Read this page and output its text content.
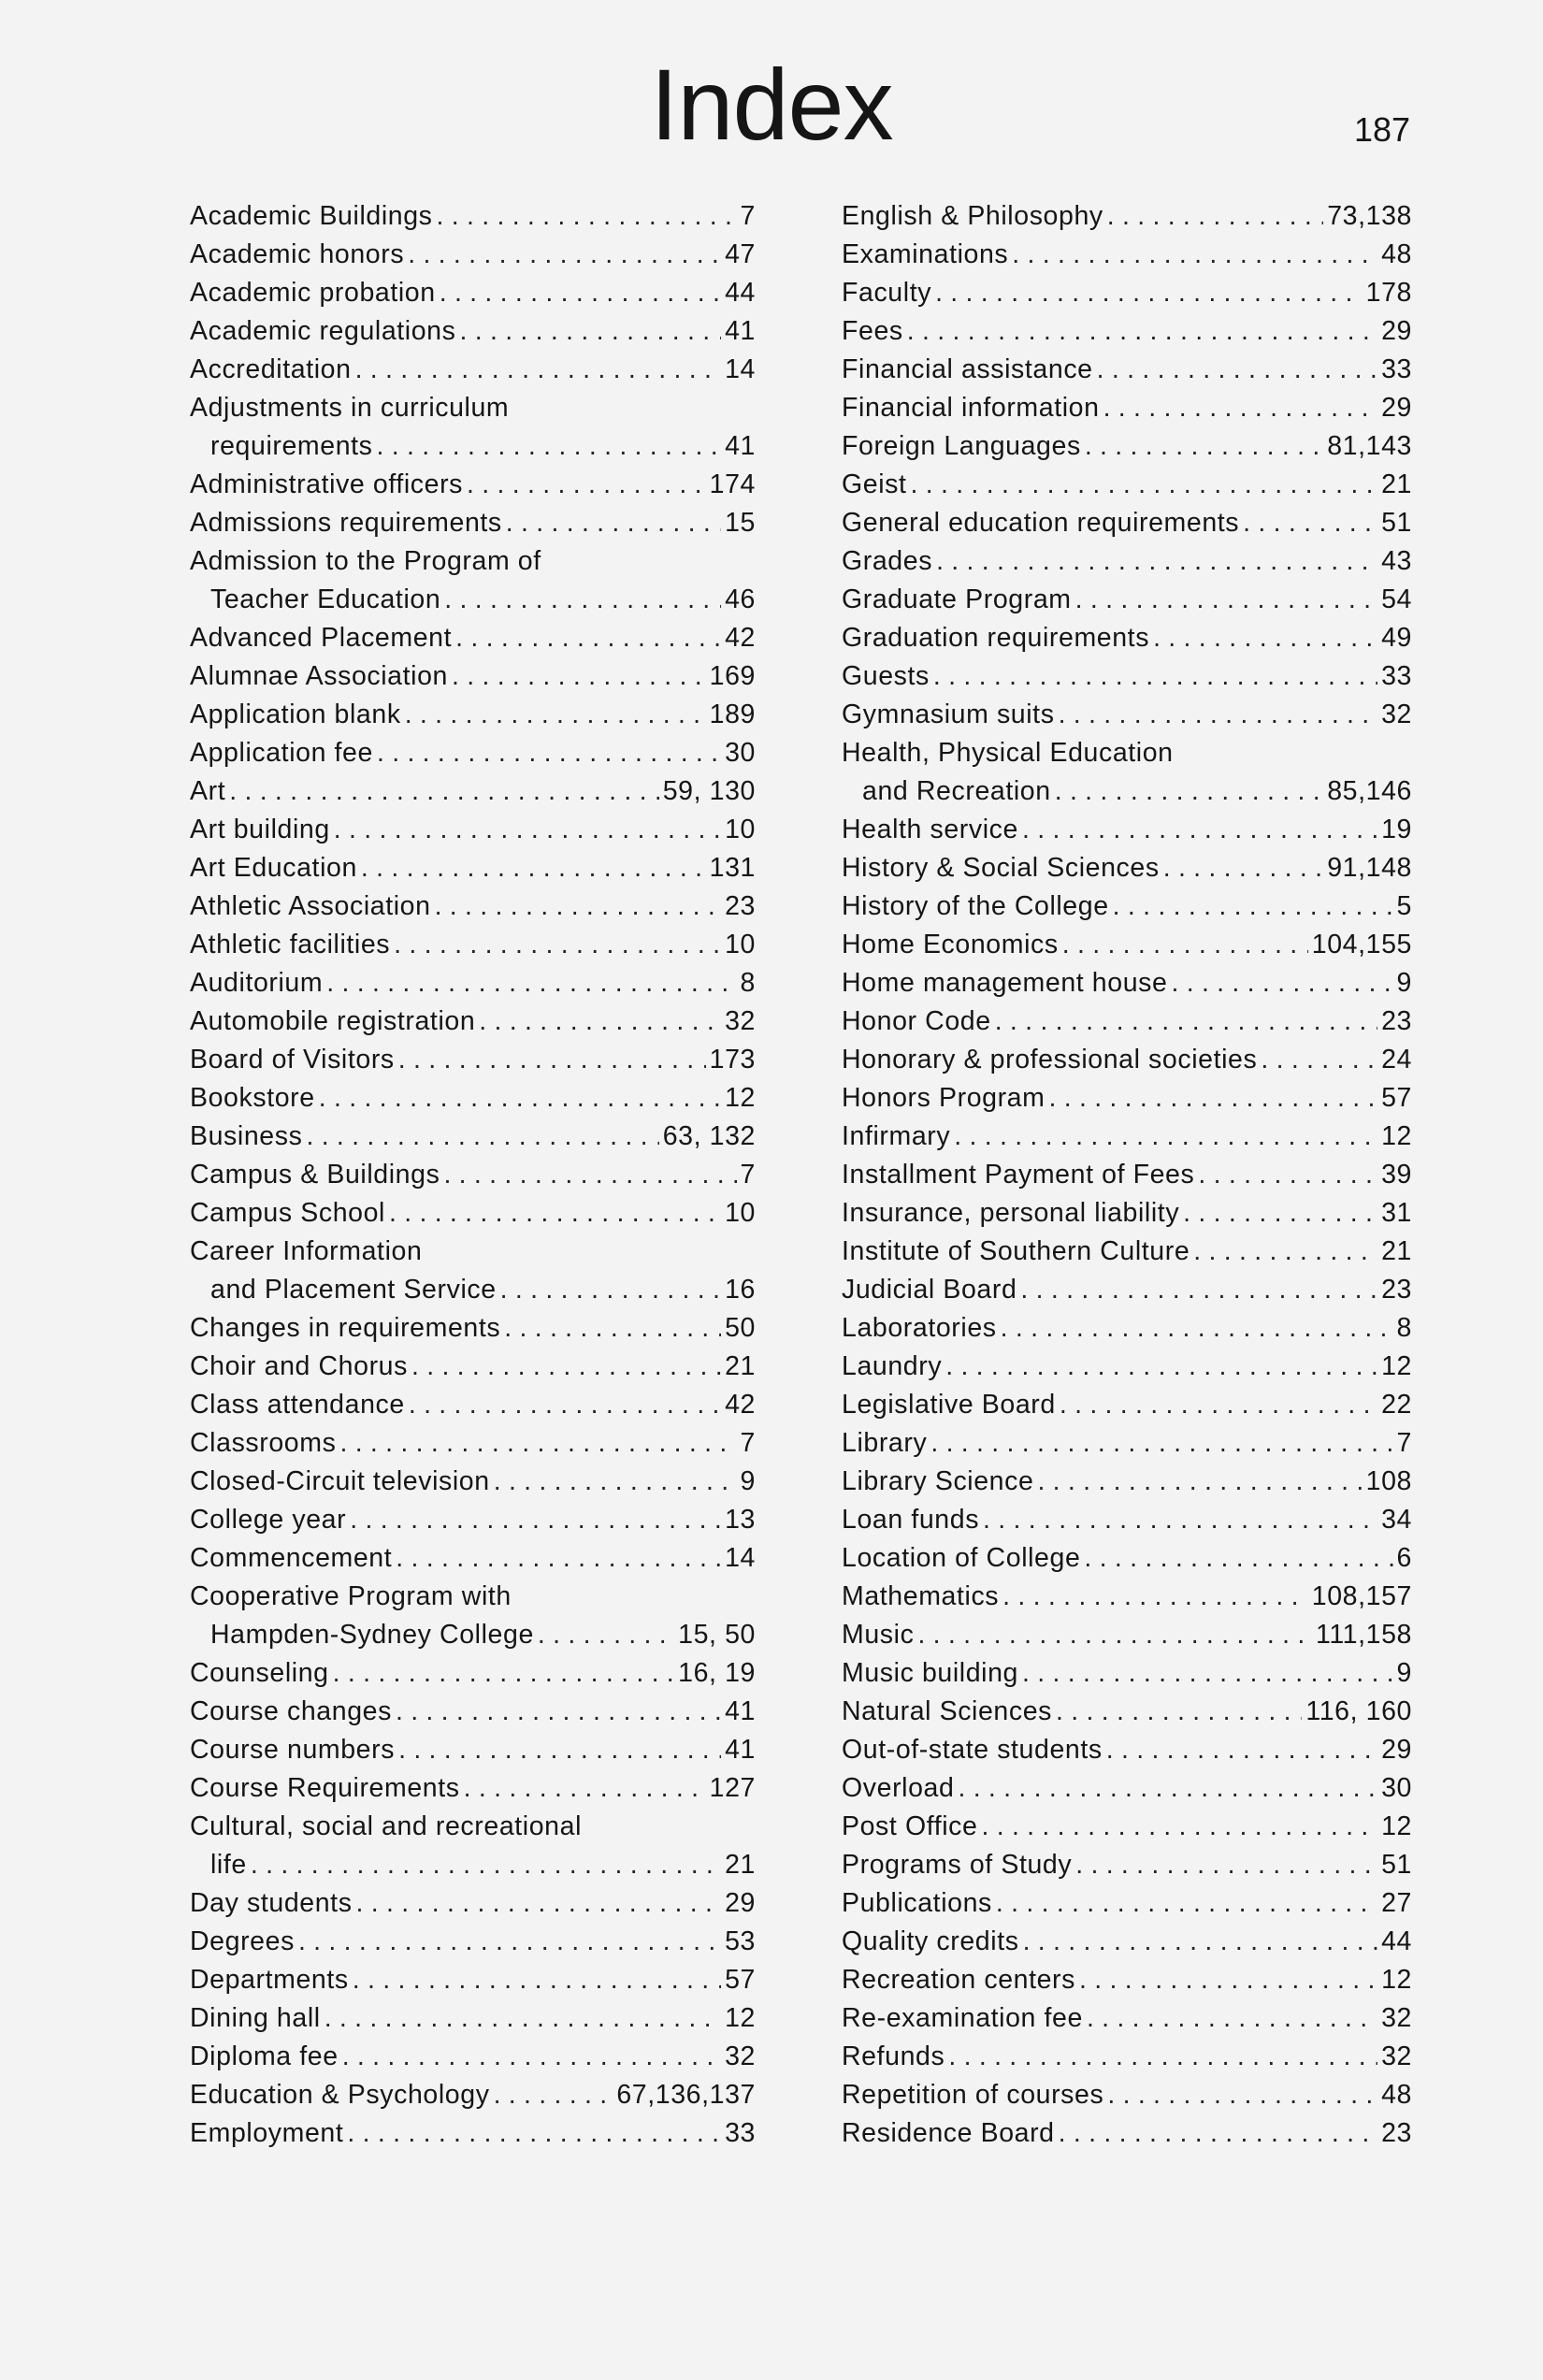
Index	187
Academic Buildings . . .	7
Academic honors . . .	47
Academic probation . . .	44
Academic regulations . . .	41
Accreditation . . .	14
Adjustments in curriculum
requirements . . .	41
Administrative officers . . .	174
Admissions requirements . . .	15
Admission to the Program of
Teacher Education . . .	46
Advanced Placement . . .	42
Alumnae Association . . .	169
Application blank . . .	189
Application fee . . .	30
Art . . .	59, 130
Art building . . .	10
Art Education . . .	131
Athletic Association . . .	23
Athletic facilities . . .	10
Auditorium . . .	8
Automobile registration . . .	32
Board of Visitors . . .	173
Bookstore . . .	12
Business . . .	63, 132
Campus & Buildings . . .	7
Campus School . . .	10
Career Information
and Placement Service . . .	16
Changes in requirements . . .	50
Choir and Chorus . . .	21
Class attendance . . .	42
Classrooms . . .	7
Closed-Circuit television . . .	9
College year . . .	13
Commencement . . .	14
Cooperative Program with
Hampden-Sydney College . . .	15, 50
Counseling . . .	16, 19
Course changes . . .	41
Course numbers . . .	41
Course Requirements . . .	127
Cultural, social and recreational
life . . .	21
Day students . . .	29
Degrees . . .	53
Departments . . .	57
Dining hall . . .	12
Diploma fee . . .	32
Education & Psychology . . .	67,136,137
Employment . . .	33
English & Philosophy . . .	73,138
Examinations . . .	48
Faculty . . .	178
Fees . . .	29
Financial assistance . . .	33
Financial information . . .	29
Foreign Languages . . .	81,143
Geist . . .	21
General education requirements . . .	51
Grades . . .	43
Graduate Program . . .	54
Graduation requirements . . .	49
Guests . . .	33
Gymnasium suits . . .	32
Health, Physical Education
and Recreation . . .	85,146
Health service . . .	19
History & Social Sciences . . .	91,148
History of the College . . .	5
Home Economics . . .	104,155
Home management house . . .	9
Honor Code . . .	23
Honorary & professional societies . . .	24
Honors Program . . .	57
Infirmary . . .	12
Installment Payment of Fees . . .	39
Insurance, personal liability . . .	31
Institute of Southern Culture . . .	21
Judicial Board . . .	23
Laboratories . . .	8
Laundry . . .	12
Legislative Board . . .	22
Library . . .	7
Library Science . . .	108
Loan funds . . .	34
Location of College . . .	6
Mathematics . . .	108,157
Music . . .	111,158
Music building . . .	9
Natural Sciences . . .	116, 160
Out-of-state students . . .	29
Overload . . .	30
Post Office . . .	12
Programs of Study . . .	51
Publications . . .	27
Quality credits . . .	44
Recreation centers . . .	12
Re-examination fee . . .	32
Refunds . . .	32
Repetition of courses . . .	48
Residence Board . . .	23
